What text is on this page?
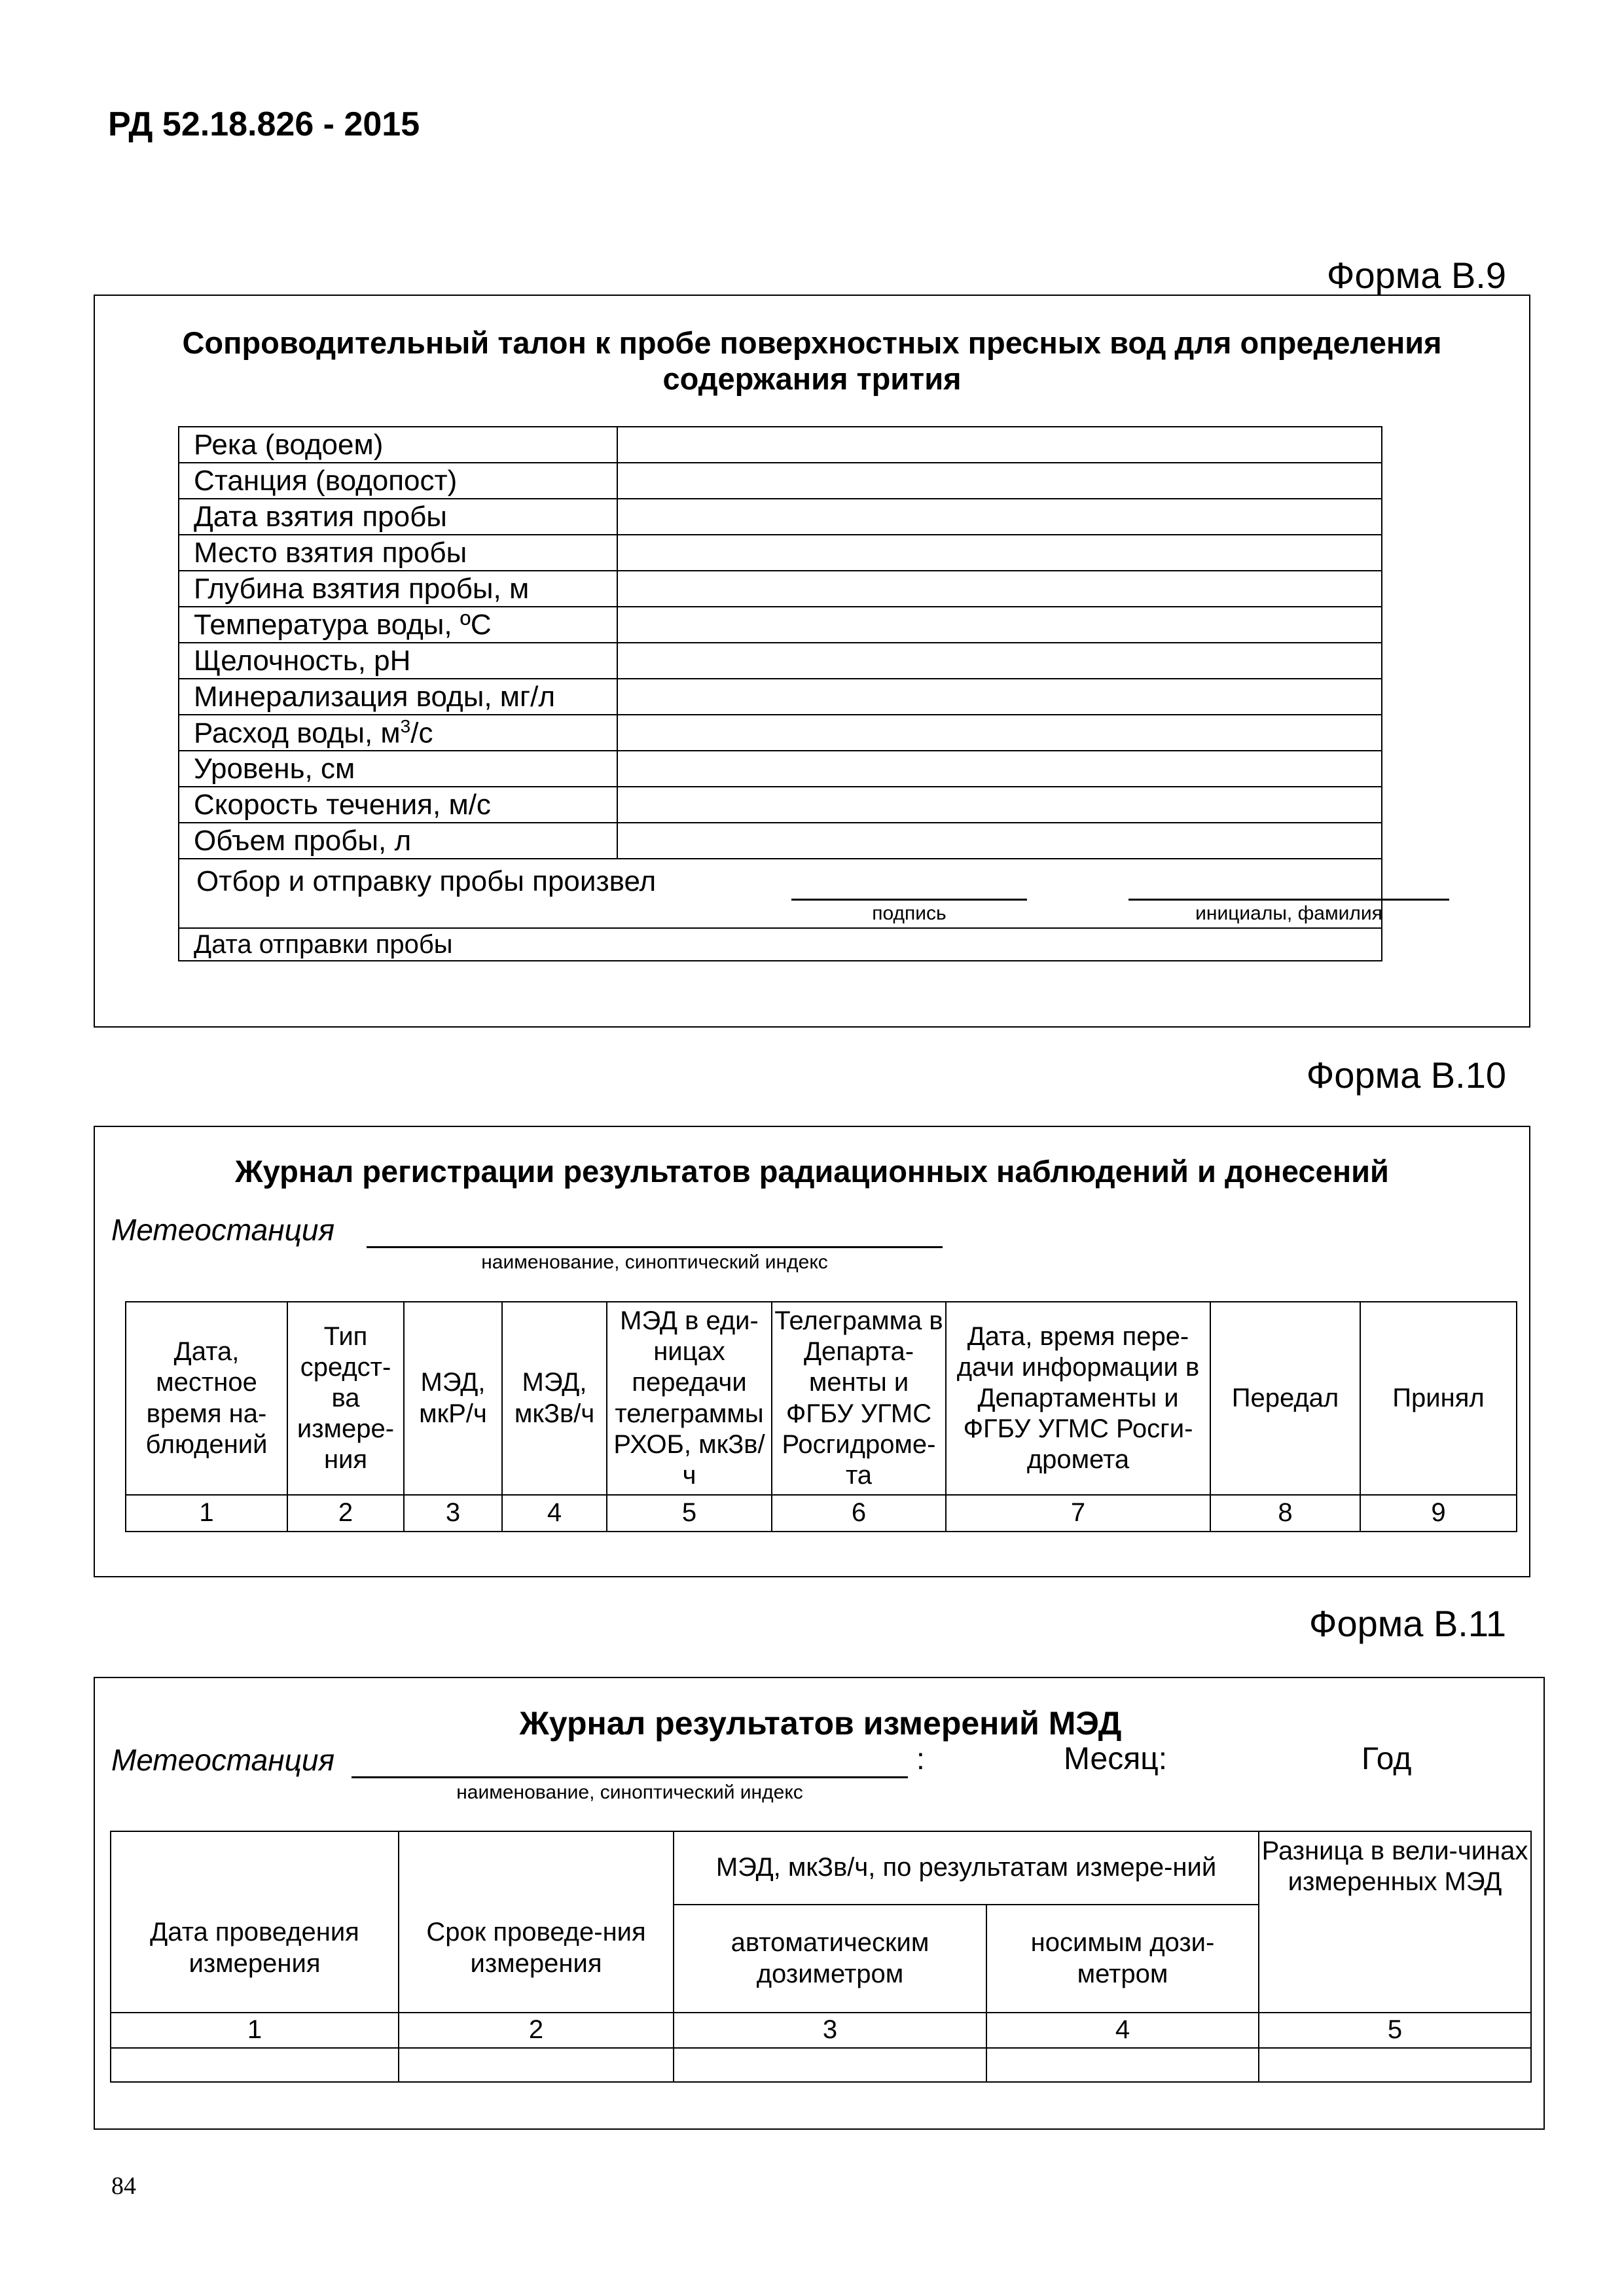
РД 52.18.826 - 2015
Форма В.9
Сопроводительный талон к пробе поверхностных пресных вод для определения
содержания трития
Река (водоем)	
Станция (водопост)	
Дата взятия пробы	
Место взятия пробы	
Глубина взятия пробы, м	
Температура воды, ºС	
Щелочность, pH	
Минерализация воды, мг/л	
Расход воды, $м^3/с$	
Уровень, см	
Скорость течения, м/с	
Объем пробы, л	

Отбор и отправку пробы произвел
подпись инициалы, фамилия	

Дата отправки пробы	
Форма В.10
Журнал регистрации результатов радиационных наблюдений и донесений
Метеостанция
наименование, синоптический индекс
Дата, местное время на-блюдений	Тип средст-ва измере-ния	МЭД, мкР/ч	МЭД, мкЗв/ч	МЭД в еди-ницах передачи телеграммы РХОБ, мкЗв/ч	Телеграмма в Департа-менты и ФГБУ УГМС Росгидромe-та	Дата, время пере-дачи информации в Департаменты и ФГБУ УГМС Росги-дромета	Передал	Принял
1	2	3	4	5	6	7	8	9
Форма В.11
Журнал результатов измерений МЭД
Метеостанция	:	Месяц:	Год
наименование, синоптический индекс
Дата проведения измерения	Срок проведе-ния измерения	МЭД, мкЗв/ч, по результатам измере-ний		Разница в вели-чинах измеренных МЭД
		автоматическим дозиметром	носимым дози-метром	
1	2	3	4	5

84
